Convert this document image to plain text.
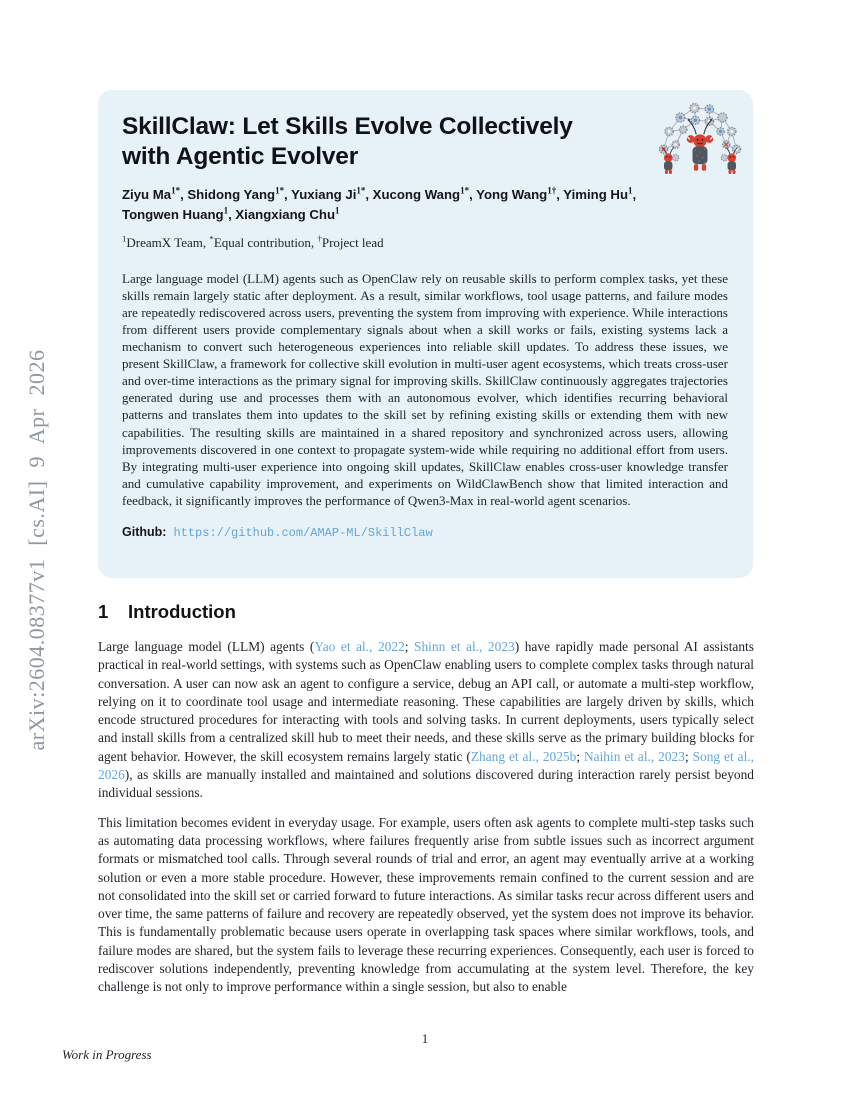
arXiv:2604.08377v1 [cs.AI] 9 Apr 2026
SkillClaw: Let Skills Evolve Collectively
with Agentic Evolver
Ziyu $Ma^{1*}$, Shidong Yang$^{1*}$, Yuxiang $Ji^{1*}$, Xucong Wang$^{1*}$, Yong Wang$^{1\dagger}$, Yiming Hu$^1$, Tongwen Huang$^1$, Xiangxiang Chu$^1$
$^1$DreamX Team, *Equal contribution, †Project lead

Large language model (LLM) agents such as OpenClaw rely on reusable skills to perform complex tasks, yet these skills remain largely static after deployment. As a result, similar workflows, tool usage patterns, and failure modes are repeatedly rediscovered across users, preventing the system from improving with experience. While interactions from different users provide complementary signals about when a skill works or fails, existing systems lack a mechanism to convert such heterogeneous experiences into reliable skill updates. To address these issues, we present SkillClaw, a framework for collective skill evolution in multi-user agent ecosystems, which treats cross-user and over-time interactions as the primary signal for improving skills. SkillClaw continuously aggregates trajectories generated during use and processes them with an autonomous evolver, which identifies recurring behavioral patterns and translates them into updates to the skill set by refining existing skills or extending them with new capabilities. The resulting skills are maintained in a shared repository and synchronized across users, allowing improvements discovered in one context to propagate system-wide while requiring no additional effort from users. By integrating multi-user experience into ongoing skill updates, SkillClaw enables cross-user knowledge transfer and cumulative capability improvement, and experiments on WildClawBench show that limited interaction and feedback, it significantly improves the performance of Qwen3-Max in real-world agent scenarios.

Github: https://github.com/AMAP-ML/SkillClaw
1 Introduction

Large language model (LLM) agents (Yao et al., 2022; Shinn et al., 2023) have rapidly made personal AI assistants practical in real-world settings, with systems such as OpenClaw enabling users to complete complex tasks through natural conversation. A user can now ask an agent to configure a service, debug an API call, or automate a multi-step workflow, relying on it to coordinate tool usage and intermediate reasoning. These capabilities are largely driven by skills, which encode structured procedures for interacting with tools and solving tasks. In current deployments, users typically select and install skills from a centralized skill hub to meet their needs, and these skills serve as the primary building blocks for agent behavior. However, the skill ecosystem remains largely static (Zhang et al., 2025b; Naihin et al., 2023; Song et al., 2026), as skills are manually installed and maintained and solutions discovered during interaction rarely persist beyond individual sessions.

This limitation becomes evident in everyday usage. For example, users often ask agents to complete multi-step tasks such as automating data processing workflows, where failures frequently arise from subtle issues such as incorrect argument formats or mismatched tool calls. Through several rounds of trial and error, an agent may eventually arrive at a working solution or even a more stable procedure. However, these improvements remain confined to the current session and are not consolidated into the skill set or carried forward to future interactions. As similar tasks recur across different users and over time, the same patterns of failure and recovery are repeatedly observed, yet the system does not improve its behavior. This is fundamentally problematic because users operate in overlapping task spaces where similar workflows, tools, and failure modes are shared, but the system fails to leverage these recurring experiences. Consequently, each user is forced to rediscover solutions independently, preventing knowledge from accumulating at the system level. Therefore, the key challenge is not only to improve performance within a single session, but also to enable

1
Work in Progress
